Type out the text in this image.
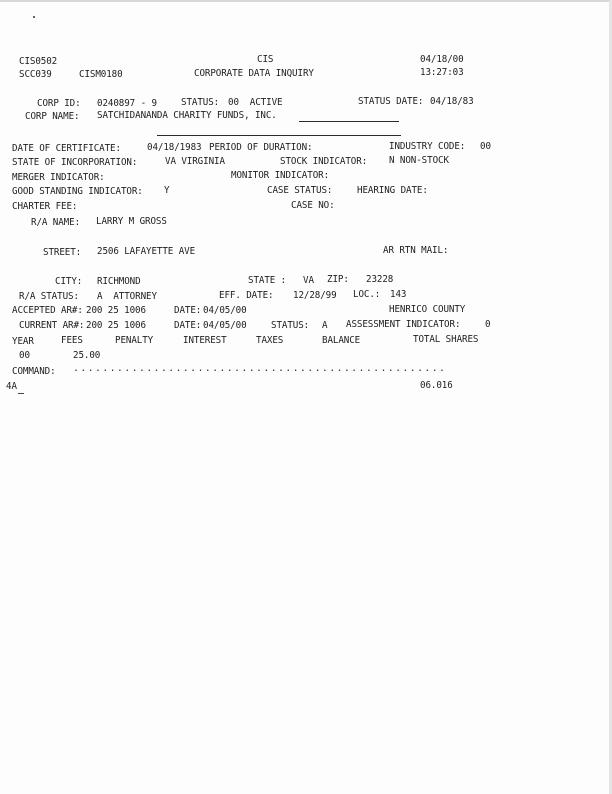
CIS0502	CIS	04/18/00
SCC039	CISM0180	CORPORATE DATA INQUIRY	13:27:03
CORP ID: 0240897 - 9 STATUS: 00  ACTIVE	STATUS DATE: 04/18/83
CORP NAME: SATCHIDANANDA CHARITY FUNDS, INC.
DATE OF CERTIFICATE:	04/18/1983 PERIOD OF DURATION:	INDUSTRY CODE: 00
STATE OF INCORPORATION:	VA VIRGINIA	STOCK INDICATOR: N NON-STOCK
MERGER INDICATOR:	MONITOR INDICATOR:
GOOD STANDING INDICATOR: Y	CASE STATUS: HEARING DATE:
CHARTER FEE:	CASE NO:
R/A NAME: LARRY M GROSS
STREET: 2506 LAFAYETTE AVE	AR RTN MAIL:
CITY: RICHMOND	STATE : VA ZIP: 23228
R/A STATUS: A  ATTORNEY	EFF. DATE: 12/28/99 LOC.: 143
ACCEPTED AR#: 200 25 1006	DATE: 04/05/00	HENRICO COUNTY
CURRENT AR#: 200 25 1006	DATE: 04/05/00 STATUS: A ASSESSMENT INDICATOR: 0
YEAR	FEES	PENALTY	INTEREST	TAXES	BALANCE	TOTAL SHARES
00	25.00
COMMAND: ...................................................
4A	06.016
